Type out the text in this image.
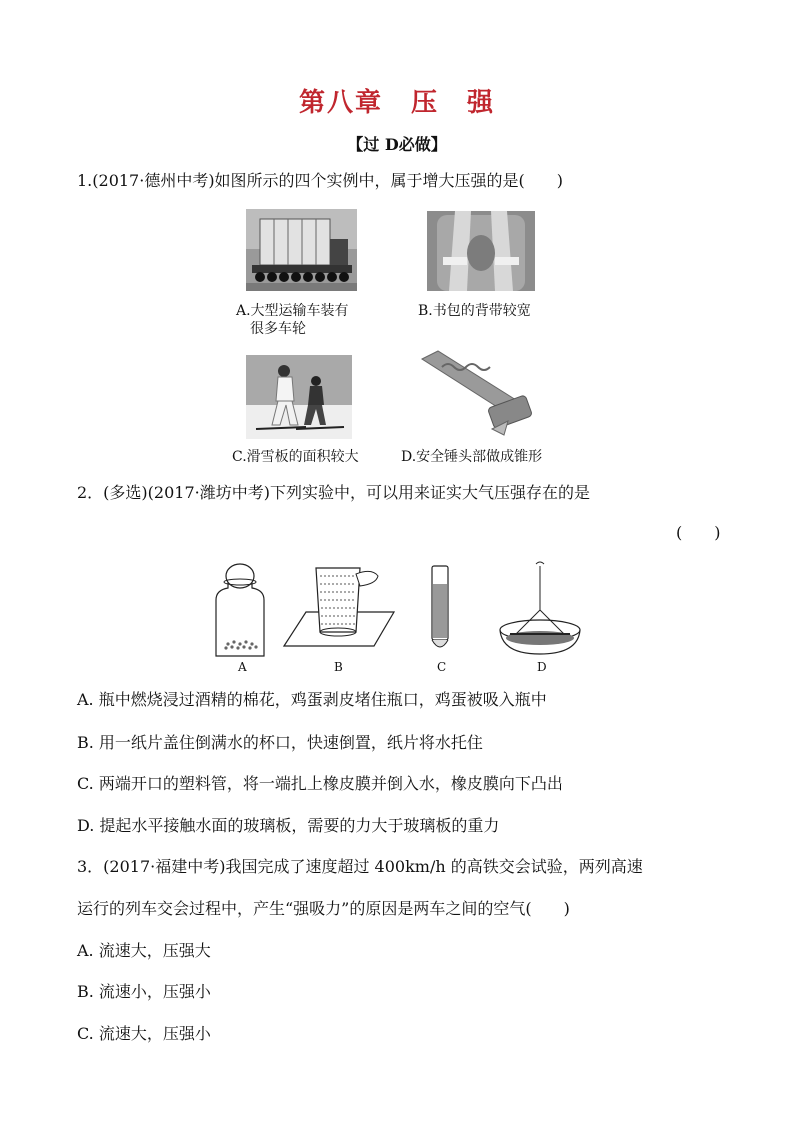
第八章　压　强
【过 D必做】
1.(2017·德州中考)如图所示的四个实例中，属于增大压强的是(　　)
A.大型运输车装有
很多车轮
B.书包的背带较宽
C.滑雪板的面积较大	D.安全锤头部做成锥形
2．(多选)(2017·潍坊中考)下列实验中，可以用来证实大气压强存在的是
(　　)
A	B	C	D
A. 瓶中燃烧浸过酒精的棉花，鸡蛋剥皮堵住瓶口，鸡蛋被吸入瓶中
B. 用一纸片盖住倒满水的杯口，快速倒置，纸片将水托住
C. 两端开口的塑料管，将一端扎上橡皮膜并倒入水，橡皮膜向下凸出
D. 提起水平接触水面的玻璃板，需要的力大于玻璃板的重力
3．(2017·福建中考)我国完成了速度超过 400km/h 的高铁交会试验，两列高速
运行的列车交会过程中，产生“强吸力”的原因是两车之间的空气(　　)
A. 流速大，压强大
B. 流速小，压强小
C. 流速大，压强小
